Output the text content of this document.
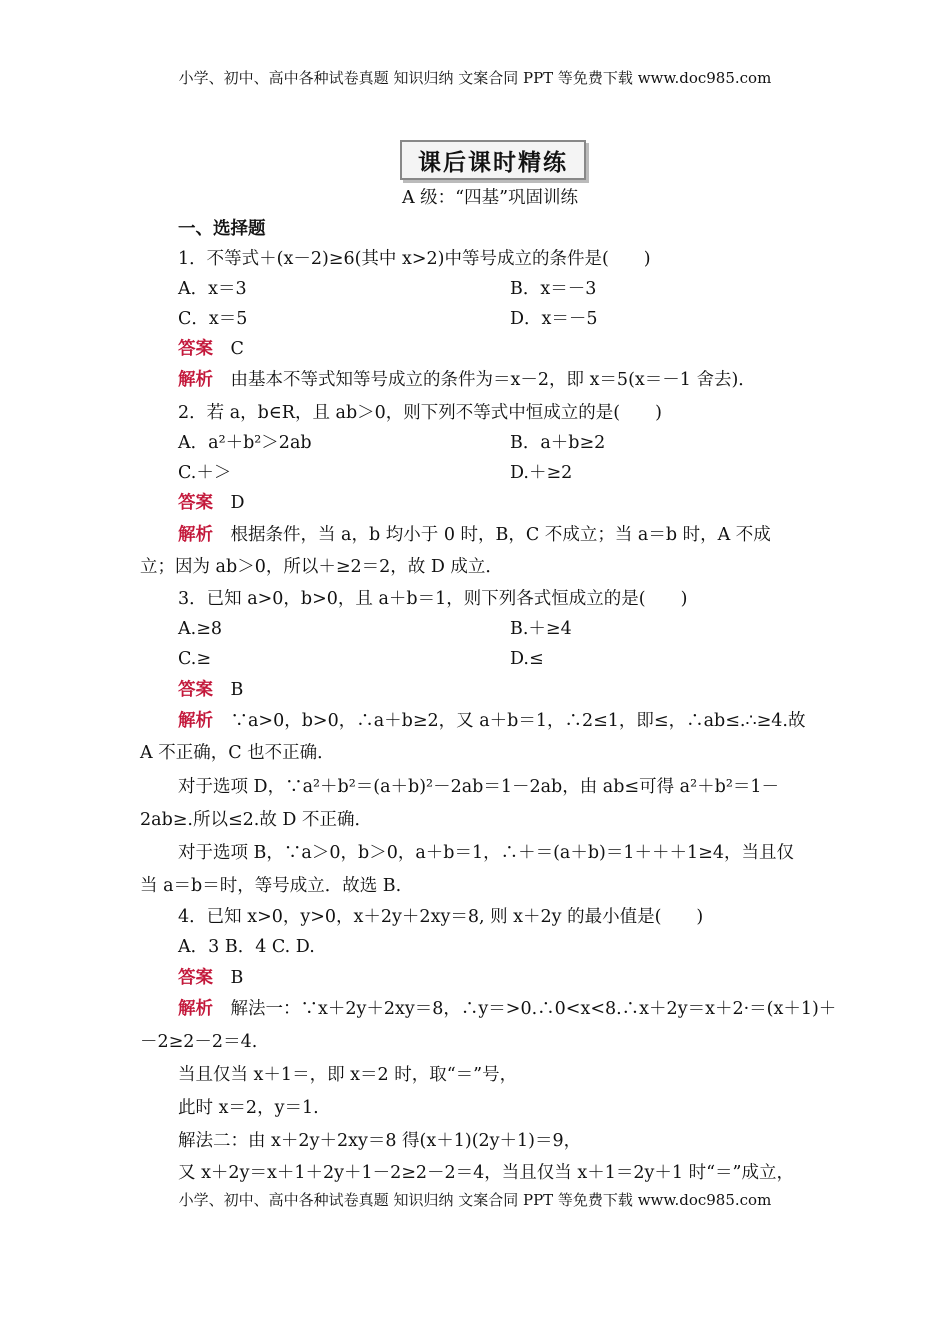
小学、初中、高中各种试卷真题 知识归纳 文案合同 PPT 等免费下载 www.doc985.com
课后课时精练
A 级：“四基”巩固训练
一、选择题
1．不等式＋(x－2)≥6(其中 x>2)中等号成立的条件是(　　)
A．x＝3	B．x＝－3
C．x＝5	D．x＝－5
答案　 C
解析　 由基本不等式知等号成立的条件为＝x－2，即 x＝5(x＝－1 舍去)．
2．若 a，b∈R，且 ab＞0，则下列不等式中恒成立的是(　　)
A．a²＋b²＞2ab	B．a＋b≥2
C.＋＞	D.＋≥2
答案　 D
解析　 根据条件，当 a，b 均小于 0 时，B，C 不成立；当 a＝b 时，A 不成
立；因为 ab＞0，所以＋≥2＝2，故 D 成立．
3．已知 a>0，b>0，且 a＋b＝1，则下列各式恒成立的是(　　)
A.≥8	B.＋≥4
C.≥	D.≤
答案　 B
解析　 ∵a>0，b>0，∴a＋b≥2，又 a＋b＝1，∴2≤1，即≤，∴ab≤.∴≥4.故
A 不正确，C 也不正确．
对于选项 D，∵a²＋b²＝(a＋b)²－2ab＝1－2ab，由 ab≤可得 a²＋b²＝1－
2ab≥.所以≤2.故 D 不正确．
对于选项 B，∵a＞0，b＞0，a＋b＝1，∴＋＝(a＋b)＝1＋＋＋1≥4，当且仅
当 a＝b＝时，等号成立．故选 B.
4．已知 x>0，y>0，x＋2y＋2xy＝8, 则 x＋2y 的最小值是(　　)
A．3 B．4 C. D.
答案　 B
解析　 解法一：∵x＋2y＋2xy＝8，∴y＝>0.∴0<x<8.∴x＋2y＝x＋2·＝(x＋1)＋
－2≥2－2＝4.
当且仅当 x＋1＝，即 x＝2 时，取“＝”号，
此时 x＝2，y＝1.
解法二：由 x＋2y＋2xy＝8 得(x＋1)(2y＋1)＝9，
又 x＋2y＝x＋1＋2y＋1－2≥2－2＝4，当且仅当 x＋1＝2y＋1 时“＝”成立，
小学、初中、高中各种试卷真题 知识归纳 文案合同 PPT 等免费下载 www.doc985.com
